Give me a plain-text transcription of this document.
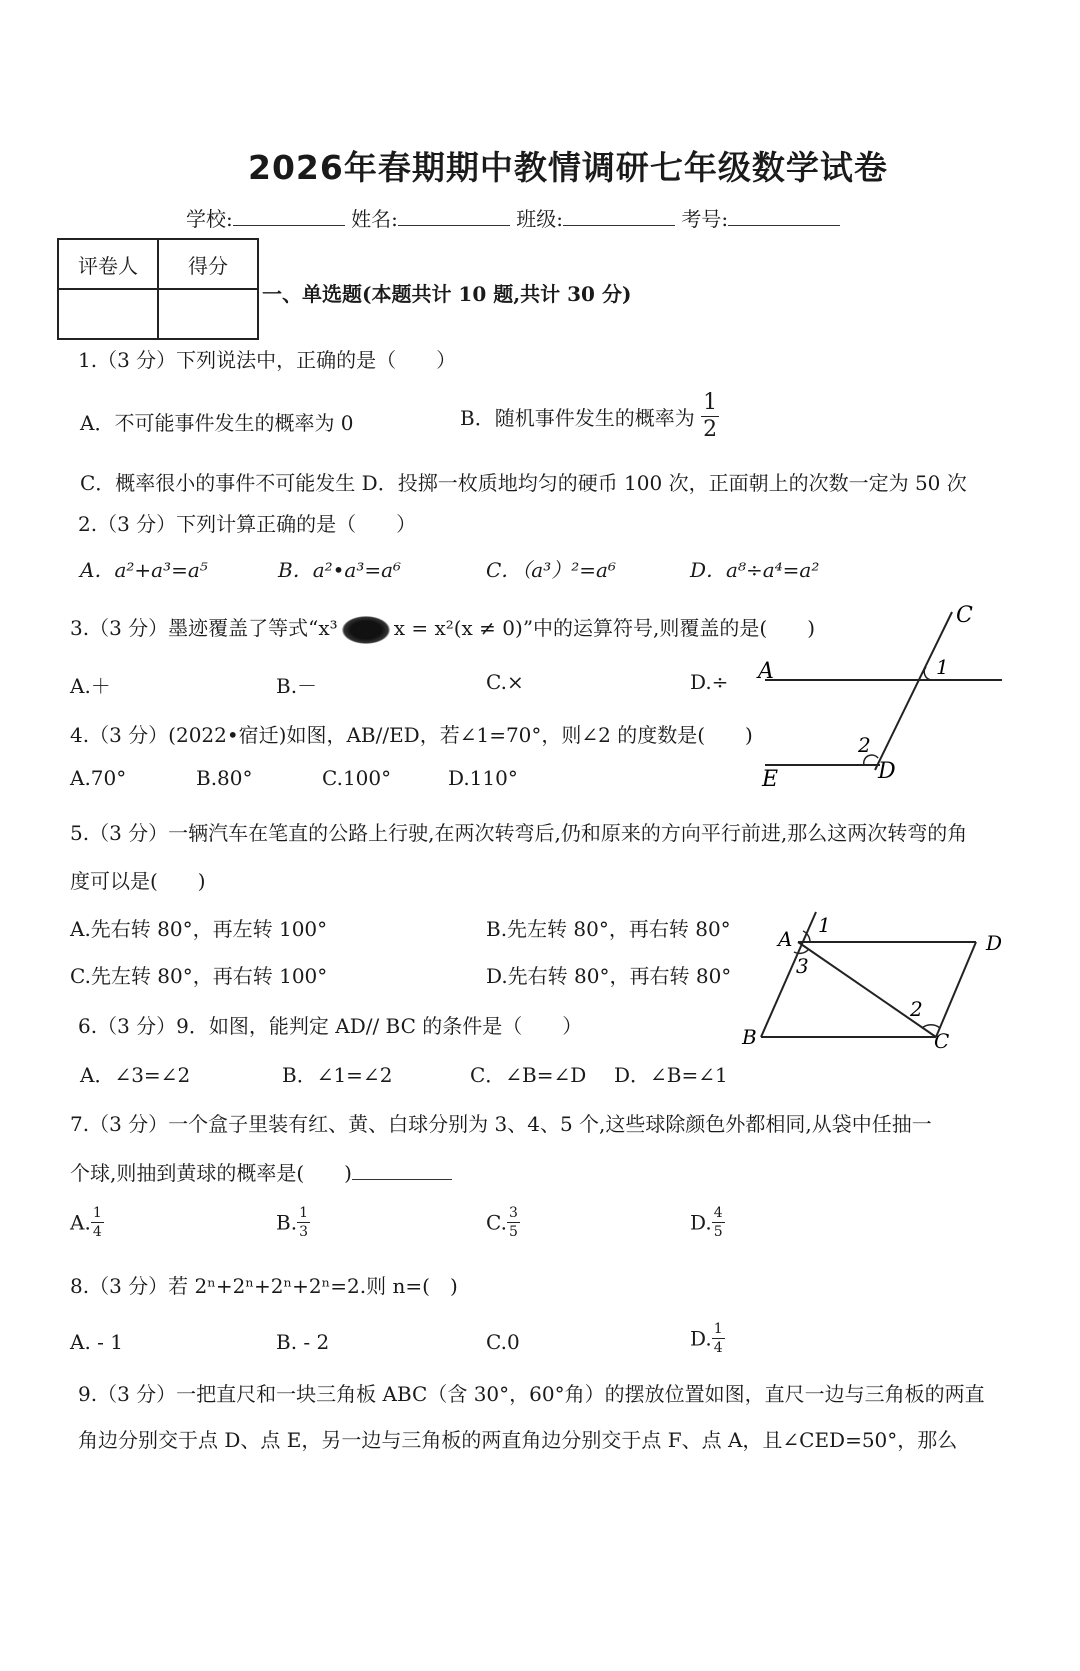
2026年春期期中教情调研七年级数学试卷
学校:	姓名:	班级:	考号:
评卷人	得分

一、单选题(本题共计 10 题,共计 30 分)
1.（3 分）下列说法中，正确的是（　　）
A．不可能事件发生的概率为 0	B．随机事件发生的概率为 $\frac{1}{2}$
C．概率很小的事件不可能发生 D．投掷一枚质地均匀的硬币 100 次，正面朝上的次数一定为 50 次
2.（3 分）下列计算正确的是（　　）
A．a²+a³=a⁵	B．a²•a³=a⁶	C．（a³）²=a⁶	D．a⁸÷a⁴=a²
3.（3 分）墨迹覆盖了等式“x³	x = x²(x ≠ 0)”中的运算符号,则覆盖的是(　　)
A.＋	B.－	C.×	D.÷
C
A	1
2
E	D
4.（3 分）(2022•宿迁)如图，AB//ED，若∠1=70°，则∠2 的度数是(　　)
A.70°	B.80°	C.100°	D.110°
5.（3 分）一辆汽车在笔直的公路上行驶,在两次转弯后,仍和原来的方向平行前进,那么这两次转弯的角
度可以是(　　)
A.先右转 80°，再左转 100°	B.先左转 80°，再右转 80°
C.先左转 80°，再右转 100°	D.先右转 80°，再右转 80°
A
1
3
D
2
B	C
6.（3 分）9．如图，能判定 AD// BC 的条件是（　　）
A．∠3=∠2	B．∠1=∠2	C．∠B=∠D D．∠B=∠1
7.（3 分）一个盒子里装有红、黄、白球分别为 3、4、5 个,这些球除颜色外都相同,从袋中任抽一
个球,则抽到黄球的概率是(　　)
A. $\frac{1}{4}$	B. $\frac{1}{3}$	C. $\frac{3}{5}$	D. $\frac{4}{5}$
8.（3 分）若 2ⁿ+2ⁿ+2ⁿ+2ⁿ=2.则 n=(　)
A. - 1	B. - 2	C.0	D. $\frac{1}{4}$
9.（3 分）一把直尺和一块三角板 ABC（含 30°，60°角）的摆放位置如图，直尺一边与三角板的两直
角边分别交于点 D、点 E，另一边与三角板的两直角边分别交于点 F、点 A，且∠CED=50°，那么
